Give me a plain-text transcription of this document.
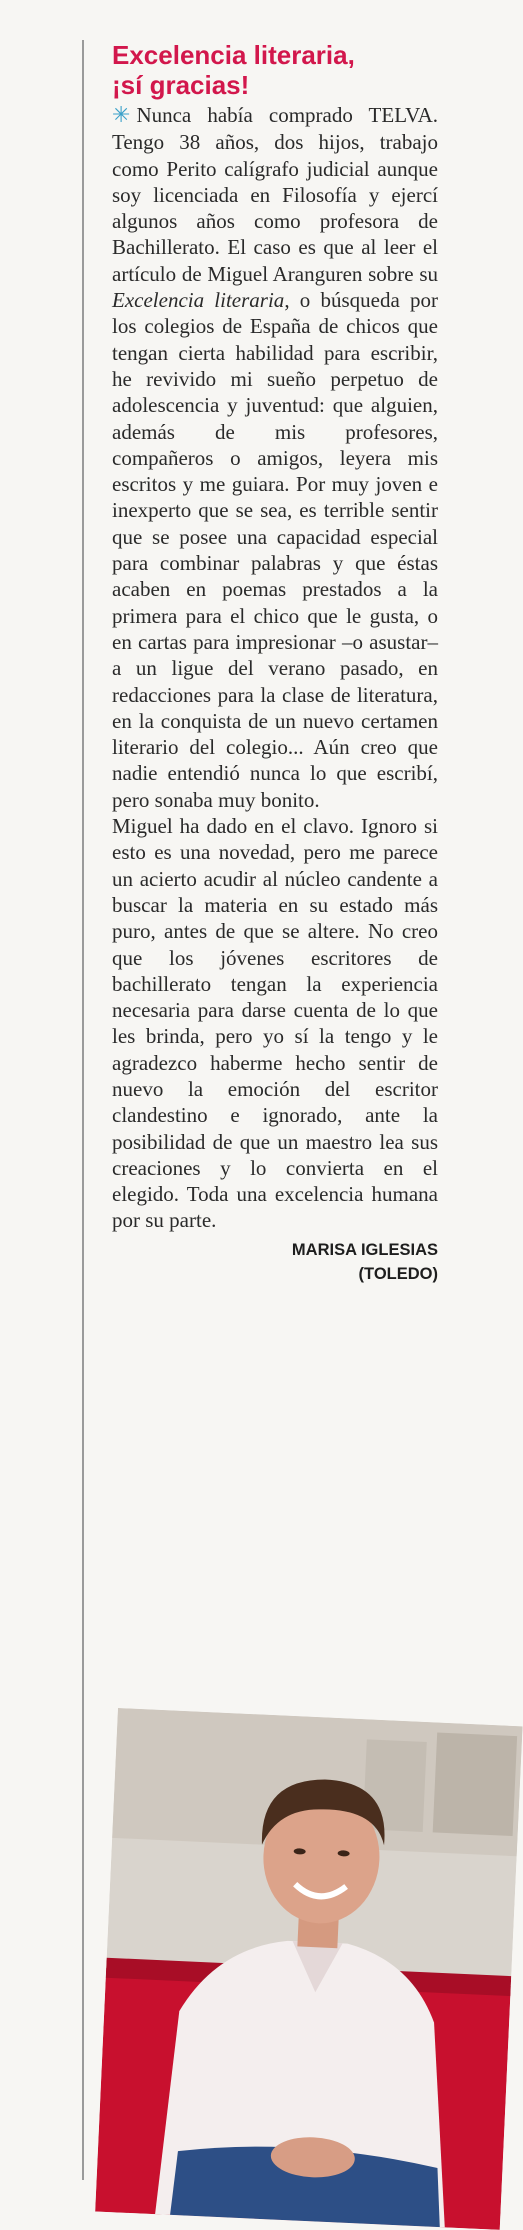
Excelencia literaria,
¡sí gracias!

✳ Nunca había comprado TELVA. Tengo 38 años, dos hijos, trabajo como Perito calígrafo judicial aunque soy licenciada en Filosofía y ejercí algunos años como profesora de Bachillerato. El caso es que al leer el artículo de Miguel Aranguren sobre su Excelencia literaria, o búsqueda por los colegios de España de chicos que tengan cierta habilidad para escribir, he revivido mi sueño perpetuo de adolescencia y juventud: que alguien, además de mis profesores, compañeros o amigos, leyera mis escritos y me guiara. Por muy joven e inexperto que se sea, es terrible sentir que se posee una capacidad especial para combinar palabras y que éstas acaben en poemas prestados a la primera para el chico que le gusta, o en cartas para impresionar –o asustar– a un ligue del verano pasado, en redacciones para la clase de literatura, en la conquista de un nuevo certamen literario del colegio... Aún creo que nadie entendió nunca lo que escribí, pero sonaba muy bonito.

Miguel ha dado en el clavo. Ignoro si esto es una novedad, pero me parece un acierto acudir al núcleo candente a buscar la materia en su estado más puro, antes de que se altere. No creo que los jóvenes escritores de bachillerato tengan la experiencia necesaria para darse cuenta de lo que les brinda, pero yo sí la tengo y le agradezco haberme hecho sentir de nuevo la emoción del escritor clandestino e ignorado, ante la posibilidad de que un maestro lea sus creaciones y lo convierta en el elegido. Toda una excelencia humana por su parte.

MARISA IGLESIAS
(TOLEDO)
